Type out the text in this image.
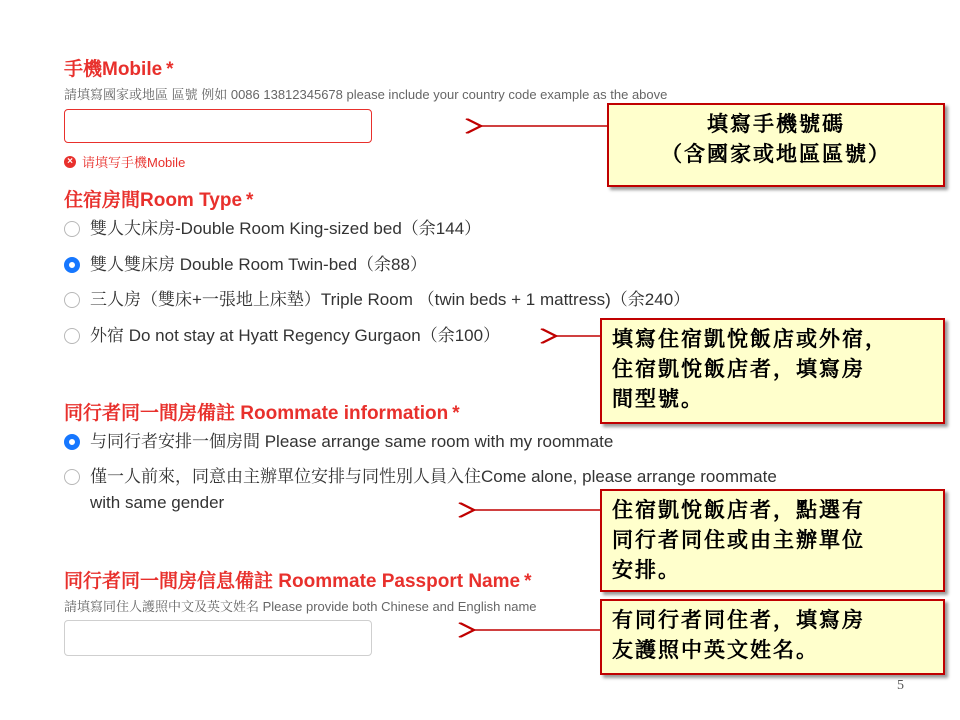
手機Mobile *
請填寫國家或地區 區號 例如 0086 13812345678 please include your country code example as the above
× 请填写手機Mobile
住宿房間Room Type *
雙人大床房-Double Room King-sized bed（余144）
雙人雙床房 Double Room Twin-bed（余88）
三人房（雙床+一張地上床墊）Triple Room （twin beds + 1 mattress)（余240）
外宿 Do not stay at Hyatt Regency Gurgaon（余100）
同行者同一間房備註 Roommate information *
与同行者安排一個房間 Please arrange same room with my roommate
僅一人前來，同意由主辦單位安排与同性別人員入住Come alone, please arrange roommate with same gender
同行者同一間房信息備註 Roommate Passport Name *
請填寫同住人護照中文及英文姓名 Please provide both Chinese and English name
填寫手機號碼
（含國家或地區區號）
填寫住宿凱悅飯店或外宿，
住宿凱悅飯店者，填寫房
間型號。
住宿凱悅飯店者，點選有
同行者同住或由主辦單位
安排。
有同行者同住者，填寫房
友護照中英文姓名。
5
